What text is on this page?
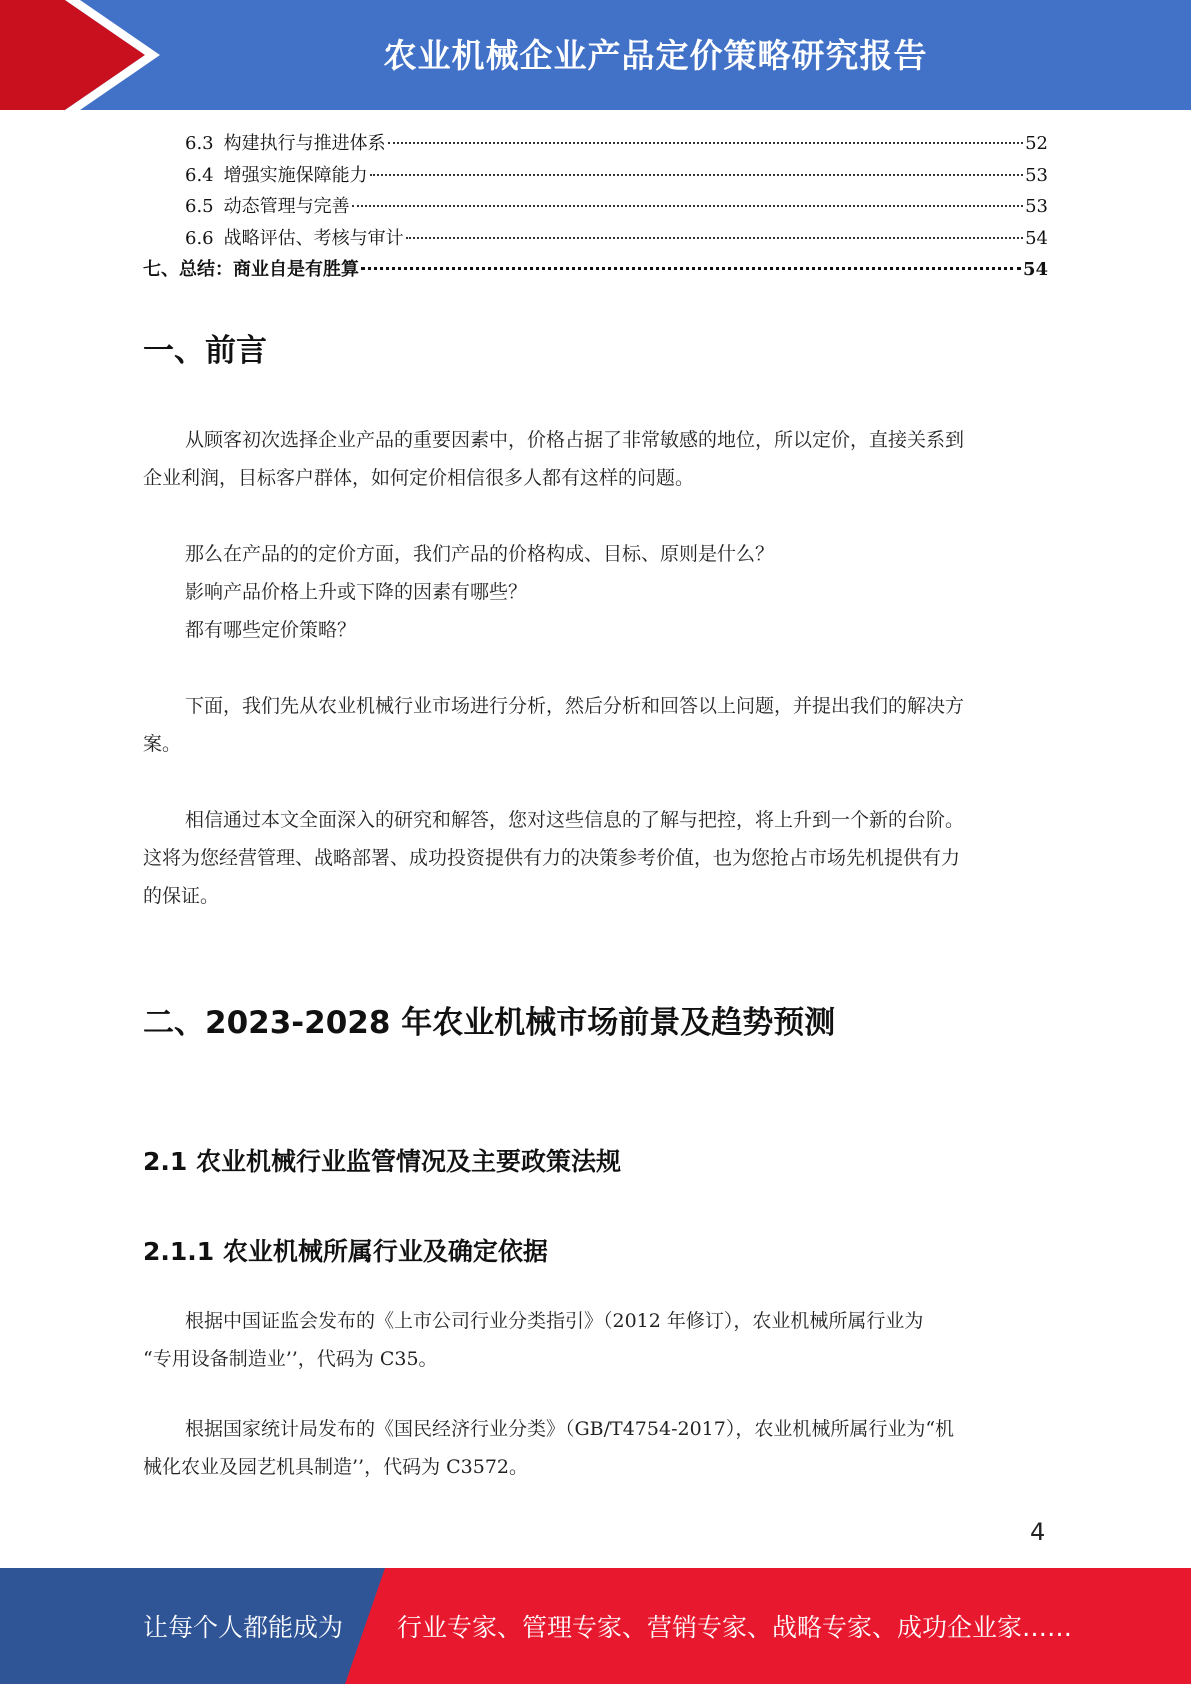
农业机械企业产品定价策略研究报告
6.3 构建执行与推进体系	52
6.4 增强实施保障能力	53
6.5 动态管理与完善	53
6.6 战略评估、考核与审计	54
七、总结：商业自是有胜算	54
一、前言
从顾客初次选择企业产品的重要因素中，价格占据了非常敏感的地位，所以定价，直接关系到
企业利润，目标客户群体，如何定价相信很多人都有这样的问题。
那么在产品的的定价方面，我们产品的价格构成、目标、原则是什么？
影响产品价格上升或下降的因素有哪些？
都有哪些定价策略？
下面，我们先从农业机械行业市场进行分析，然后分析和回答以上问题，并提出我们的解决方
案。
相信通过本文全面深入的研究和解答，您对这些信息的了解与把控，将上升到一个新的台阶。
这将为您经营管理、战略部署、成功投资提供有力的决策参考价值，也为您抢占市场先机提供有力
的保证。
二、2023-2028 年农业机械市场前景及趋势预测
2.1 农业机械行业监管情况及主要政策法规
2.1.1 农业机械所属行业及确定依据
根据中国证监会发布的《上市公司行业分类指引》（2012 年修订），农业机械所属行业为
“专用设备制造业’’，代码为 C35。
根据国家统计局发布的《国民经济行业分类》（GB/T4754-2017），农业机械所属行业为“机
械化农业及园艺机具制造’’，代码为 C3572。
4
让每个人都能成为 行业专家、管理专家、营销专家、战略专家、成功企业家……
